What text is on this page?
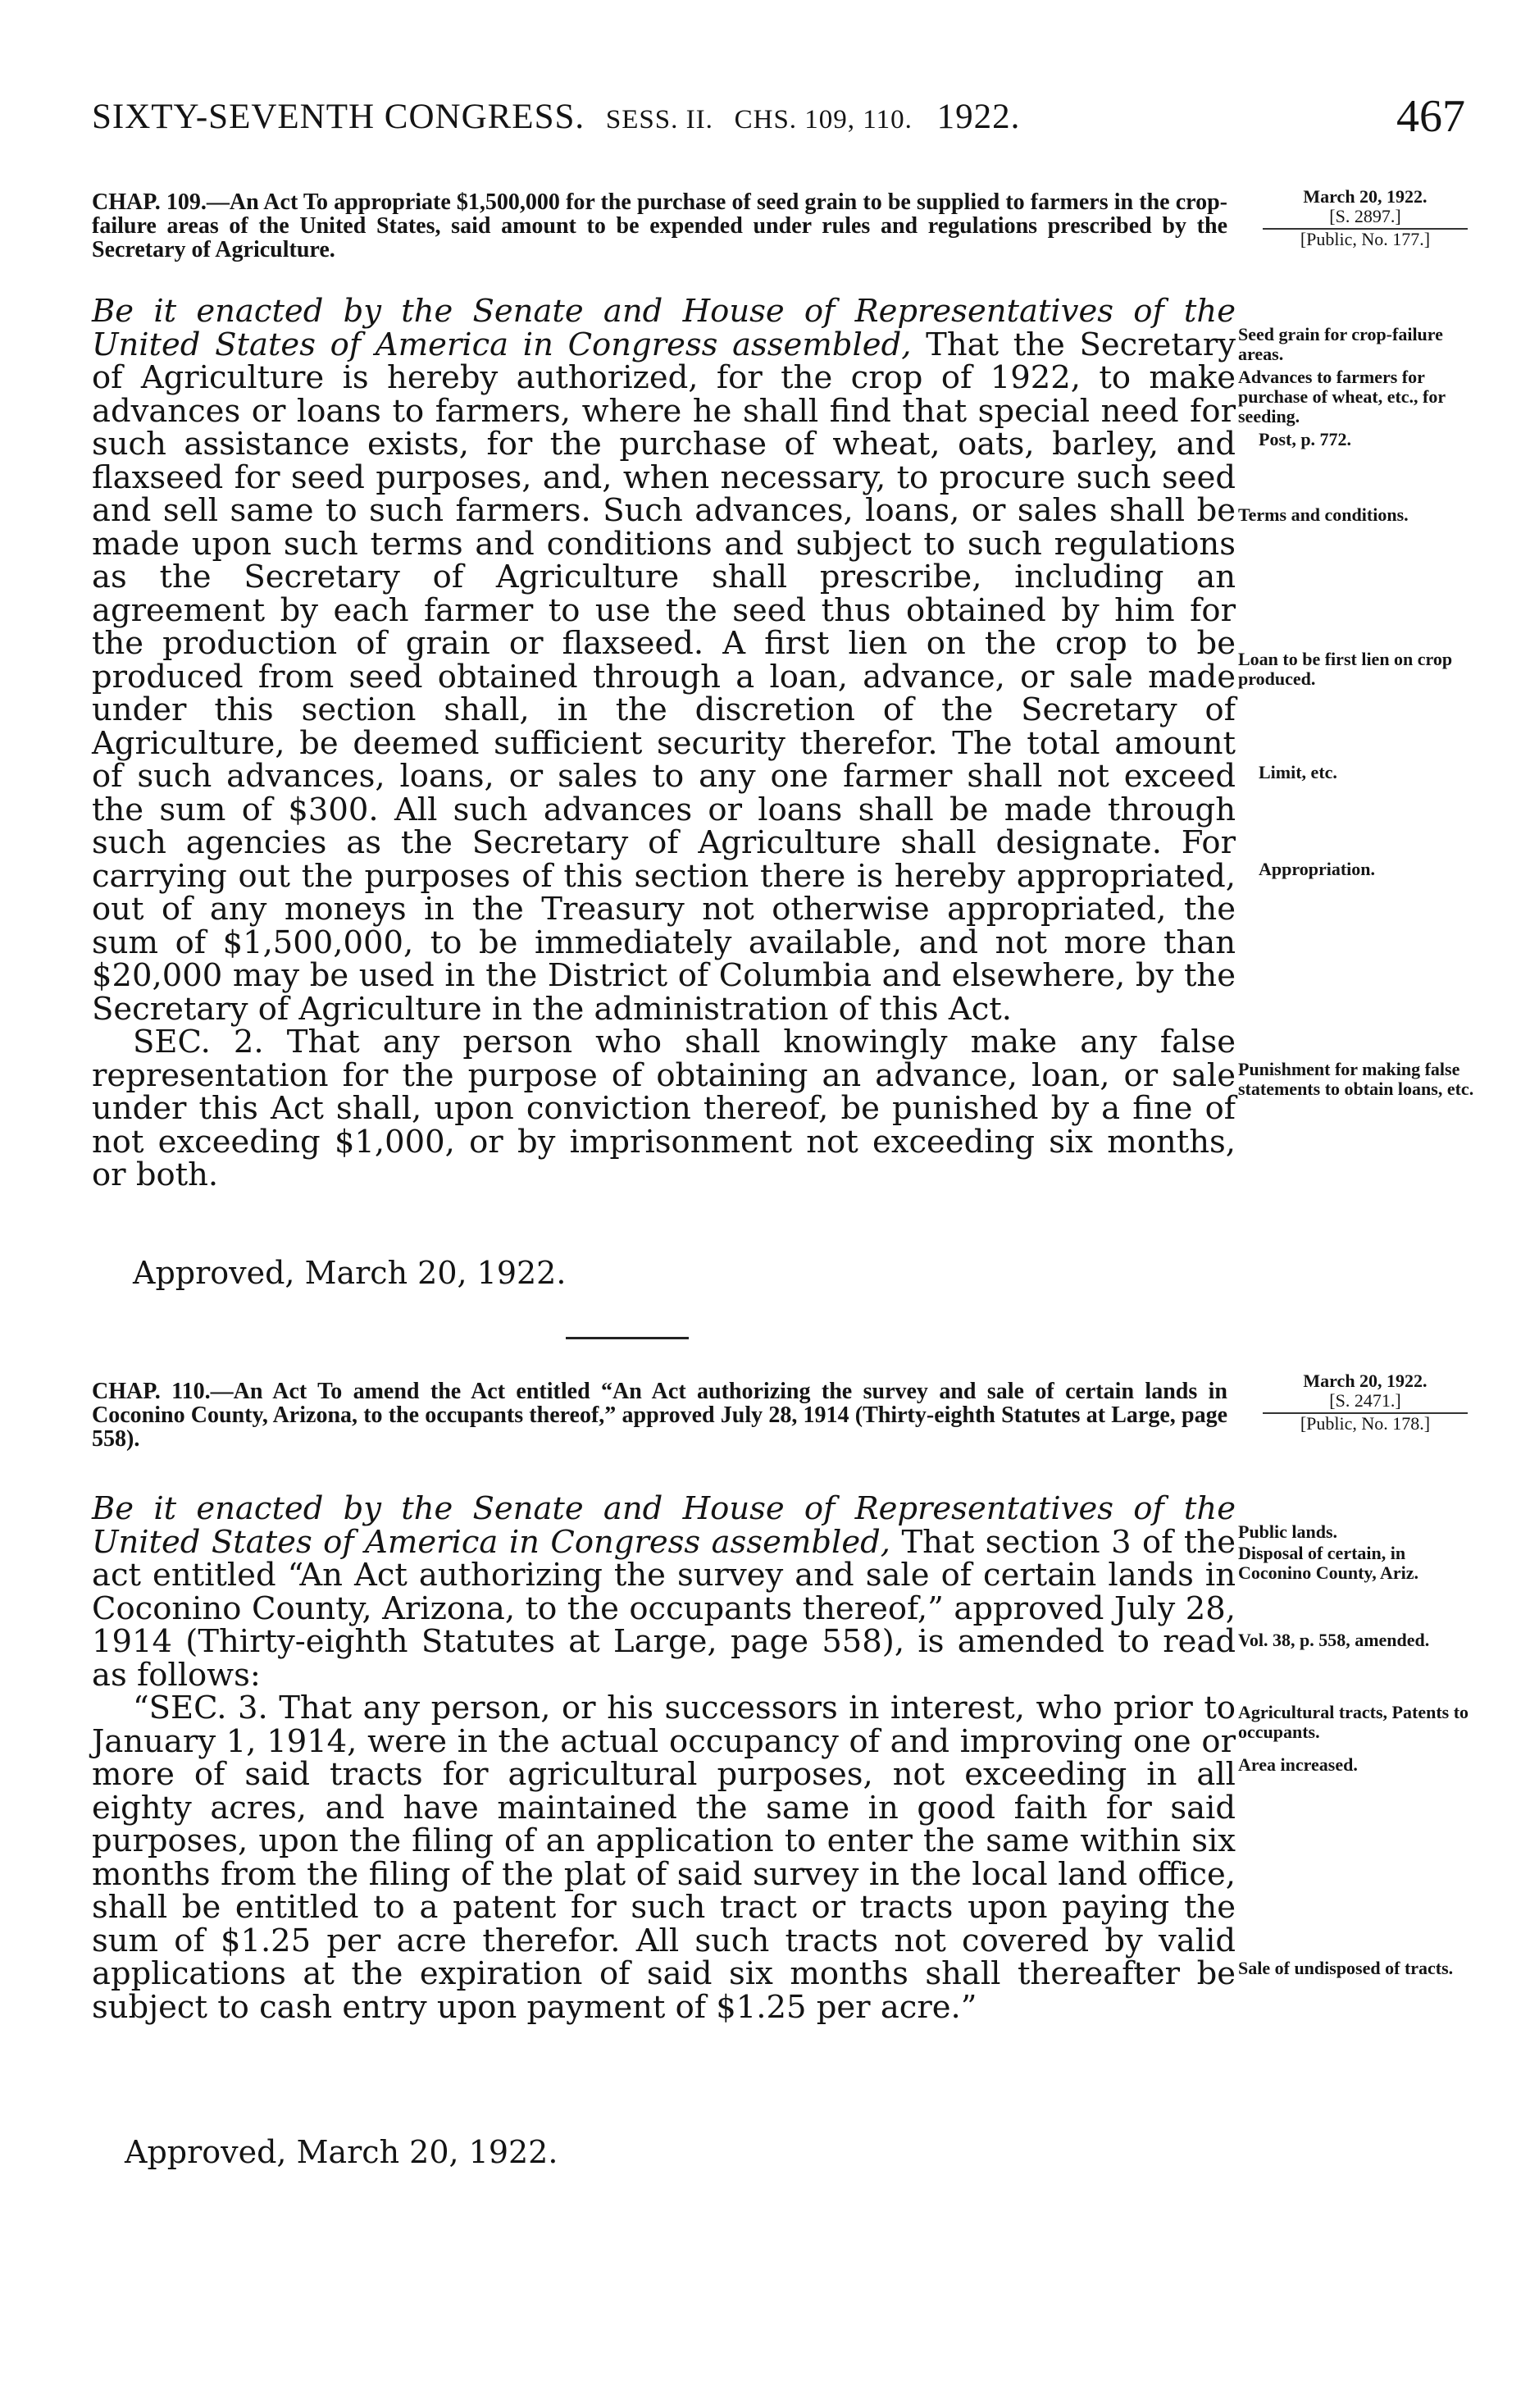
SIXTY-SEVENTH CONGRESS. SESS. II. CHS. 109, 110. 1922.	467
CHAP. 109.—An Act To appropriate $1,500,000 for the purchase of seed grain to be supplied to farmers in the crop-failure areas of the United States, said amount to be expended under rules and regulations prescribed by the Secretary of Agriculture.
March 20, 1922.
[S. 2897.]
[Public, No. 177.]

Be it enacted by the Senate and House of Representatives of the United States of America in Congress assembled, That the Secretary of Agriculture is hereby authorized, for the crop of 1922, to make advances or loans to farmers, where he shall find that special need for such assistance exists, for the purchase of wheat, oats, barley, and flaxseed for seed purposes, and, when necessary, to procure such seed and sell same to such farmers. Such advances, loans, or sales shall be made upon such terms and conditions and subject to such regulations as the Secretary of Agriculture shall prescribe, including an agreement by each farmer to use the seed thus obtained by him for the production of grain or flaxseed. A first lien on the crop to be produced from seed obtained through a loan, advance, or sale made under this section shall, in the discretion of the Secretary of Agriculture, be deemed sufficient security therefor. The total amount of such advances, loans, or sales to any one farmer shall not exceed the sum of $300. All such advances or loans shall be made through such agencies as the Secretary of Agriculture shall designate. For carrying out the purposes of this section there is hereby appropriated, out of any moneys in the Treasury not otherwise appropriated, the sum of $1,500,000, to be immediately available, and not more than $20,000 may be used in the District of Columbia and elsewhere, by the Secretary of Agriculture in the administration of this Act.

SEC. 2. That any person who shall knowingly make any false representation for the purpose of obtaining an advance, loan, or sale under this Act shall, upon conviction thereof, be punished by a fine of not exceeding $1,000, or by imprisonment not exceeding six months, or both.

Approved, March 20, 1922.
Seed grain for crop-failure areas.
Advances to farmers for purchase of wheat, etc., for seeding.
Post, p. 772.
Terms and conditions.
Loan to be first lien on crop produced.
Limit, etc.
Appropriation.
Punishment for making false statements to obtain loans, etc.
March 20, 1922.
[S. 2471.]
[Public, No. 178.]
CHAP. 110.—An Act To amend the Act entitled “An Act authorizing the survey and sale of certain lands in Coconino County, Arizona, to the occupants thereof,” approved July 28, 1914 (Thirty-eighth Statutes at Large, page 558).

Be it enacted by the Senate and House of Representatives of the United States of America in Congress assembled, That section 3 of the act entitled “An Act authorizing the survey and sale of certain lands in Coconino County, Arizona, to the occupants thereof,” approved July 28, 1914 (Thirty-eighth Statutes at Large, page 558), is amended to read as follows:

“SEC. 3. That any person, or his successors in interest, who prior to January 1, 1914, were in the actual occupancy of and improving one or more of said tracts for agricultural purposes, not exceeding in all eighty acres, and have maintained the same in good faith for said purposes, upon the filing of an application to enter the same within six months from the filing of the plat of said survey in the local land office, shall be entitled to a patent for such tract or tracts upon paying the sum of $1.25 per acre therefor. All such tracts not covered by valid applications at the expiration of said six months shall thereafter be subject to cash entry upon payment of $1.25 per acre.”

Approved, March 20, 1922.
Public lands.
Disposal of certain, in Coconino County, Ariz.
Vol. 38, p. 558, amended.
Agricultural tracts, Patents to occupants.
Area increased.
Sale of undisposed of tracts.
